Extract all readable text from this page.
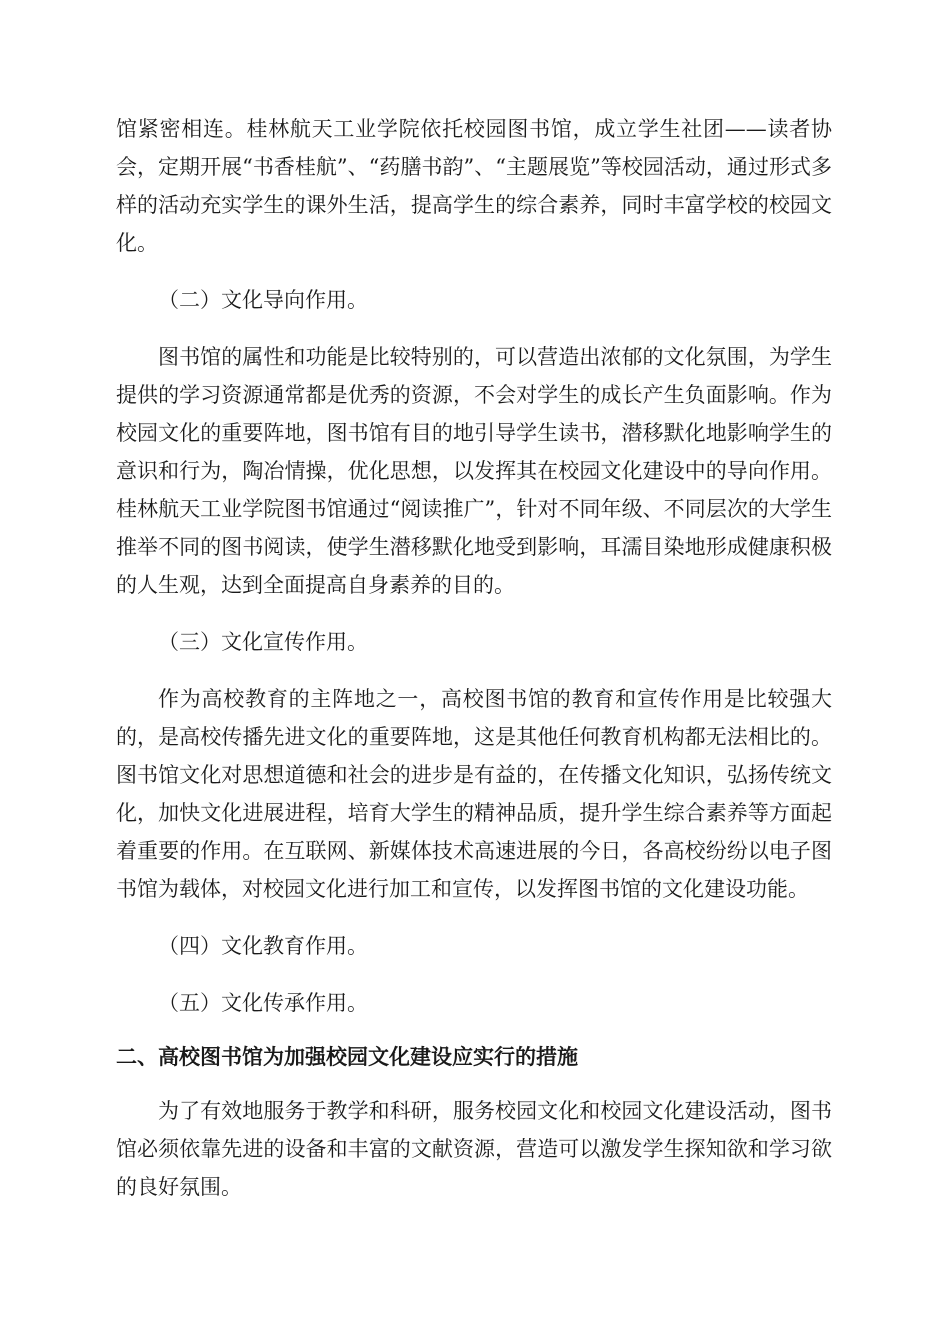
馆紧密相连。桂林航天工业学院依托校园图书馆，成立学生社团——读者协会，定期开展“书香桂航”、“药膳书韵”、“主题展览”等校园活动，通过形式多样的活动充实学生的课外生活，提高学生的综合素养，同时丰富学校的校园文化。

（二）文化导向作用。

图书馆的属性和功能是比较特别的，可以营造出浓郁的文化氛围，为学生提供的学习资源通常都是优秀的资源，不会对学生的成长产生负面影响。作为校园文化的重要阵地，图书馆有目的地引导学生读书，潜移默化地影响学生的意识和行为，陶冶情操，优化思想，以发挥其在校园文化建设中的导向作用。桂林航天工业学院图书馆通过“阅读推广”，针对不同年级、不同层次的大学生推举不同的图书阅读，使学生潜移默化地受到影响，耳濡目染地形成健康积极的人生观，达到全面提高自身素养的目的。

（三）文化宣传作用。

作为高校教育的主阵地之一，高校图书馆的教育和宣传作用是比较强大的，是高校传播先进文化的重要阵地，这是其他任何教育机构都无法相比的。图书馆文化对思想道德和社会的进步是有益的，在传播文化知识，弘扬传统文化，加快文化进展进程，培育大学生的精神品质，提升学生综合素养等方面起着重要的作用。在互联网、新媒体技术高速进展的今日，各高校纷纷以电子图书馆为载体，对校园文化进行加工和宣传，以发挥图书馆的文化建设功能。

（四）文化教育作用。

（五）文化传承作用。

二、高校图书馆为加强校园文化建设应实行的措施

为了有效地服务于教学和科研，服务校园文化和校园文化建设活动，图书馆必须依靠先进的设备和丰富的文献资源，营造可以激发学生探知欲和学习欲的良好氛围。
